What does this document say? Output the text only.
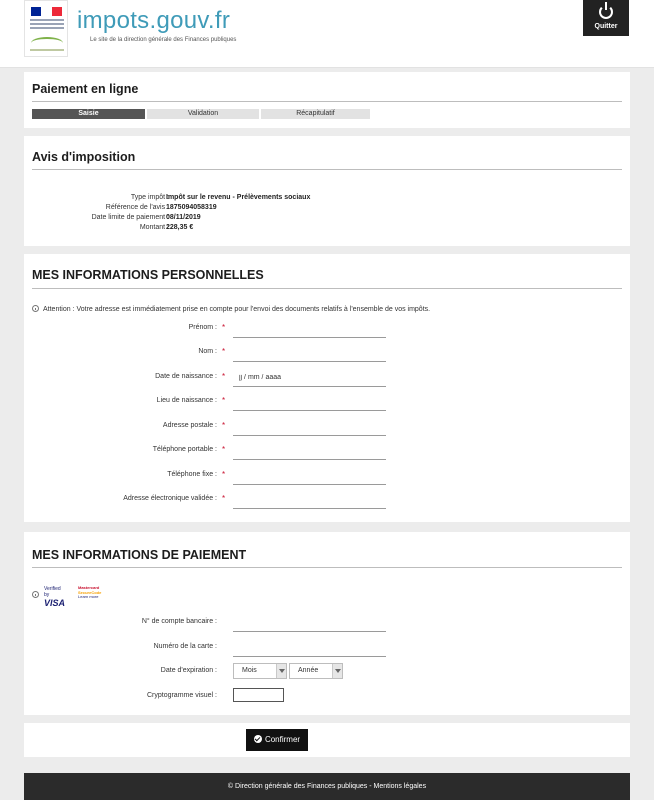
impots.gouv.fr
Le site de la direction générale des Finances publiques
Quitter
Paiement en ligne
Saisie	Validation	Récapitulatif
Avis d'imposition
Type impôt :
Impôt sur le revenu - Prélèvements sociaux
Référence de l'avis :
1875094058319
Date limite de paiement :
08/11/2019
Montant :
228,35 €
MES INFORMATIONS PERSONNELLES
Attention : Votre adresse est immédiatement prise en compte pour l'envoi des documents relatifs à l'ensemble de vos impôts.
Prénom : *
Nom : *
Date de naissance : *
jj / mm / aaaa
Lieu de naissance : *
Adresse postale : *
Téléphone portable : *
Téléphone fixe : *
Adresse électronique validée : *
MES INFORMATIONS DE PAIEMENT
Verified by
VISA
Mastercard
SecureCode
Learn more
N° de compte bancaire :
Numéro de la carte :
Date d'expiration :	Mois	Année
Cryptogramme visuel :
Confirmer
© Direction générale des Finances publiques - Mentions légales
